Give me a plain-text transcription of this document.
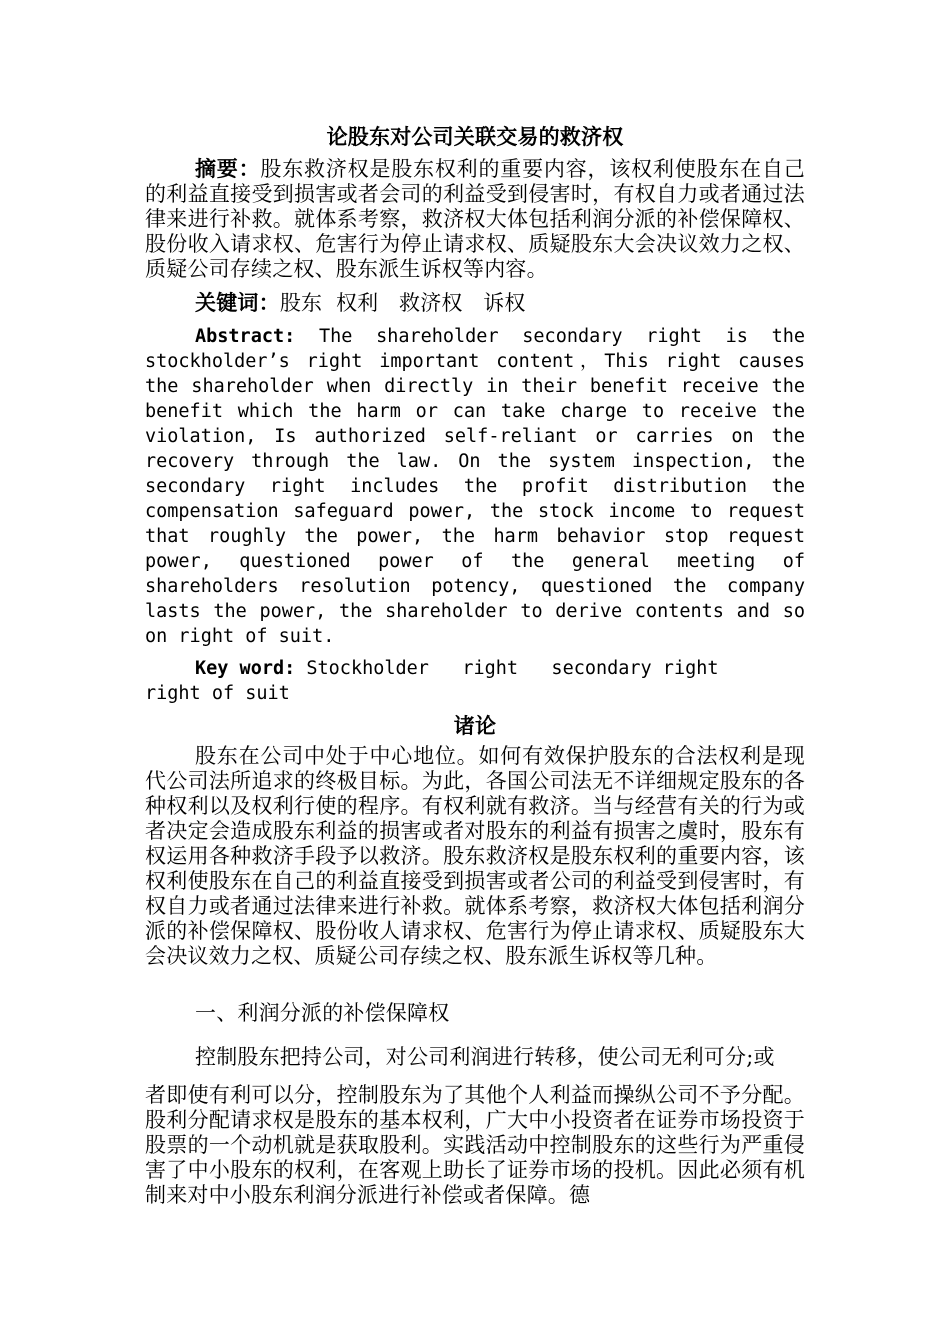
论股东对公司关联交易的救济权

摘要：股东救济权是股东权利的重要内容，该权利使股东在自己的利益直接受到损害或者会司的利益受到侵害时，有权自力或者通过法律来进行补救。就体系考察，救济权大体包括利润分派的补偿保障权、股份收入请求权、危害行为停止请求权、质疑股东大会决议效力之权、质疑公司存续之权、股东派生诉权等内容。

关键词：股东  权利   救济权   诉权

Abstract: The shareholder secondary right is the stockholder’s right important content，This right causes the shareholder when directly in their benefit receive the benefit which the harm or can take charge to receive the violation, Is authorized self-reliant or carries on the recovery through the law. On the system inspection, the secondary right includes the profit distribution the compensation safeguard power, the stock income to request that roughly the power, the harm behavior stop request power, questioned power of the general meeting of shareholders resolution potency, questioned the company lasts the power, the shareholder to derive contents and so on right of suit.

Key word: Stockholder   right   secondary right   right of suit

诸论

股东在公司中处于中心地位。如何有效保护股东的合法权利是现代公司法所追求的终极目标。为此，各国公司法无不详细规定股东的各种权利以及权利行使的程序。有权利就有救济。当与经营有关的行为或者决定会造成股东利益的损害或者对股东的利益有损害之虞时，股东有权运用各种救济手段予以救济。股东救济权是股东权利的重要内容，该权利使股东在自己的利益直接受到损害或者公司的利益受到侵害时，有权自力或者通过法律来进行补救。就体系考察，救济权大体包括利润分派的补偿保障权、股份收人请求权、危害行为停止请求权、质疑股东大会决议效力之权、质疑公司存续之权、股东派生诉权等几种。

一、利润分派的补偿保障权

控制股东把持公司，对公司利润进行转移，使公司无利可分;或

者即使有利可以分，控制股东为了其他个人利益而操纵公司不予分配。股利分配请求权是股东的基本权利，广大中小投资者在证券市场投资于股票的一个动机就是获取股利。实践活动中控制股东的这些行为严重侵害了中小股东的权利，在客观上助长了证券市场的投机。因此必须有机制来对中小股东利润分派进行补偿或者保障。德
